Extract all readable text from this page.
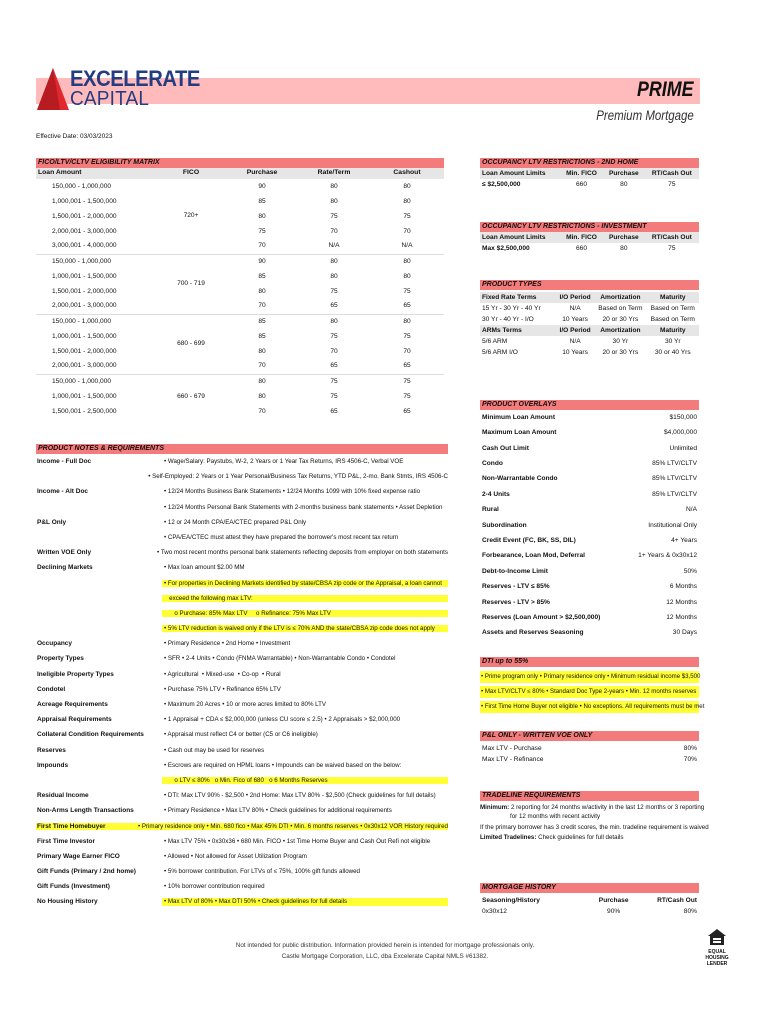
EXCELERATE
CAPITAL	PRIME
Premium Mortgage
Effective Date: 03/03/2023
FICO/LTV/CLTV ELIGIBILITY MATRIX
Loan Amount	FICO	Purchase	Rate/Term	Cashout
150,000 - 1,000,000	720+	90	80	80
1,000,001 - 1,500,000		85	80	80
1,500,001 - 2,000,000		80	75	75
2,000,001 - 3,000,000		75	70	70
3,000,001 - 4,000,000		70	N/A	N/A
150,000 - 1,000,000	700 - 719	90	80	80
1,000,001 - 1,500,000		85	80	80
1,500,001 - 2,000,000		80	75	75
2,000,001 - 3,000,000		70	65	65
150,000 - 1,000,000	680 - 699	85	80	80
1,000,001 - 1,500,000		85	75	75
1,500,001 - 2,000,000		80	70	70
2,000,001 - 3,000,000		70	65	65
150,000 - 1,000,000	660 - 679	80	75	75
1,000,001 - 1,500,000		80	75	75
1,500,001 - 2,500,000		70	65	65
PRODUCT NOTES & REQUIREMENTS
Income - Full Doc	• Wage/Salary: Paystubs, W-2, 2 Years or 1 Year Tax Returns, IRS 4506-C, Verbal VOE
• Self-Employed: 2 Years or 1 Year Personal/Business Tax Returns, YTD P&L, 2-mo. Bank Stmts, IRS 4506-C
Income - Alt Doc	• 12/24 Months Business Bank Statements • 12/24 Months 1099 with 10% fixed expense ratio
• 12/24 Months Personal Bank Statements with 2-months business bank statements • Asset Depletion
P&L Only	• 12 or 24 Month CPA/EA/CTEC prepared P&L Only
• CPA/EA/CTEC must attest they have prepared the borrower's most recent tax return
Written VOE Only	• Two most recent months personal bank statements reflecting deposits from employer on both statements
Declining Markets	• Max loan amount $2.00 MM
• For properties in Declining Markets identified by state/CBSA zip code or the Appraisal, a loan cannot
exceed the following max LTV:
o Purchase: 85% Max LTV     o Refinance: 75% Max LTV
• 5% LTV reduction is waived only if the LTV is ≤ 70% AND the state/CBSA zip code does not apply
Occupancy	• Primary Residence • 2nd Home • Investment
Property Types	• SFR • 2-4 Units • Condo (FNMA Warrantable) • Non-Warrantable Condo • Condotel
Ineligible Property Types	• Agricultural  • Mixed-use  • Co-op  • Rural
Condotel	• Purchase 75% LTV • Refinance 65% LTV
Acreage Requirements	• Maximum 20 Acres • 10 or more acres limited to 80% LTV
Appraisal Requirements	• 1 Appraisal + CDA ≤ $2,000,000 (unless CU score ≤ 2.5) • 2 Appraisals > $2,000,000
Collateral Condition Requirements	• Appraisal must reflect C4 or better (C5 or C6 ineligible)
Reserves	• Cash out may be used for reserves
Impounds	• Escrows are required on HPML loans • Impounds can be waived based on the below:
o LTV ≤ 80%   o Min. Fico of 680   o 6 Months Reserves
Residual Income	• DTI: Max LTV 90% - $2,500 • 2nd Home: Max LTV 80% - $2,500 (Check guidelines for full details)
Non-Arms Length Transactions	• Primary Residence • Max LTV 80% • Check guidelines for additional requirements
First Time Homebuyer	• Primary residence only • Min. 680 fico • Max 45% DTI • Min. 6 months reserves • 0x30x12 VOR History required
First Time Investor	• Max LTV 75% • 0x30x36 • 680 Min. FICO • 1st Time Home Buyer and Cash Out Refi not eligible
Primary Wage Earner FICO	• Allowed • Not allowed for Asset Utilization Program
Gift Funds (Primary / 2nd home)	• 5% borrower contribution. For LTVs of ≤ 75%, 100% gift funds allowed
Gift Funds (Investment)	• 10% borrower contribution required
No Housing History	• Max LTV of 80% • Max DTI 50% • Check guidelines for full details
OCCUPANCY LTV RESTRICTIONS - 2ND HOME
Loan Amount Limits	Min. FICO	Purchase	RT/Cash Out
≤ $2,500,000	660	80	75
OCCUPANCY LTV RESTRICTIONS - INVESTMENT
Loan Amount Limits	Min. FICO	Purchase	RT/Cash Out
Max $2,500,000	660	80	75
PRODUCT TYPES
Fixed Rate Terms	I/O Period	Amortization	Maturity
15 Yr - 30 Yr - 40 Yr	N/A	Based on Term	Based on Term
30 Yr - 40 Yr - I/O	10 Years	20 or 30 Yrs	Based on Term
ARMs Terms	I/O Period	Amortization	Maturity
5/6 ARM	N/A	30 Yr	30 Yr
5/6 ARM I/O	10 Years	20 or 30 Yrs	30 or 40 Yrs
PRODUCT OVERLAYS
Minimum Loan Amount	$150,000
Maximum Loan Amount	$4,000,000
Cash Out Limit	Unlimited
Condo	85% LTV/CLTV
Non-Warrantable Condo	85% LTV/CLTV
2-4 Units	85% LTV/CLTV
Rural	N/A
Subordination	Institutional Only
Credit Event (FC, BK, SS, DIL)	4+ Years
Forbearance, Loan Mod, Deferral	1+ Years & 0x30x12
Debt-to-Income Limit	50%
Reserves - LTV ≤ 85%	6 Months
Reserves - LTV > 85%	12 Months
Reserves (Loan Amount > $2,500,000)	12 Months
Assets and Reserves Seasoning	30 Days
DTI up to 55%
• Prime program only • Primary residence only • Minimum residual income $3,500
• Max LTV/CLTV ≤ 80% • Standard Doc Type 2-years • Min. 12 months reserves
• First Time Home Buyer not eligible • No exceptions. All requirements must be met
P&L ONLY - WRITTEN VOE ONLY
Max LTV - Purchase	80%
Max LTV - Refinance	70%
TRADELINE REQUIREMENTS

Minimum: 2 reporting for 24 months w/activity in the last 12 months or 3 reporting

for 12 months with recent activity

If the primary borrower has 3 credit scores, the min. tradeline requirement is waived

Limited Tradelines: Check guidelines for full details

MORTGAGE HISTORY
Seasoning/History	Purchase	RT/Cash Out
0x30x12	90%	80%
Not intended for public distribution. Information provided herein is intended for mortgage professionals only.
Castle Mortgage Corporation, LLC, dba Excelerate Capital NMLS #61382.
EQUAL HOUSING LENDER
